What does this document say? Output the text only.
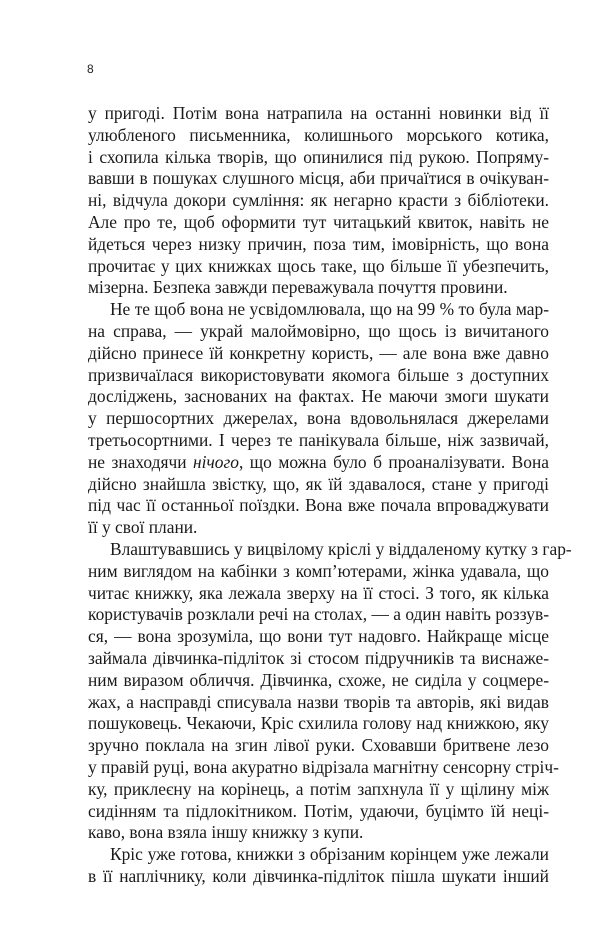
8
у пригоді. Потім вона натрапила на останні новинки від її
улюбленого письменника, колишнього морського котика,
і схопила кілька творів, що опинилися під рукою. Попряму-
вавши в пошуках слушного місця, аби причаїтися в очікуван-
ні, відчула докори сумління: як негарно красти з бібліотеки.
Але про те, щоб оформити тут читацький квиток, навіть не
йдеться через низку причин, поза тим, імовірність, що вона
прочитає у цих книжках щось таке, що більше її убезпечить,
мізерна. Безпека завжди переважувала почуття провини.
Не те щоб вона не усвідомлювала, що на 99 % то була мар-
на справа, — украй малоймовірно, що щось із вичитаного
дійсно принесе їй конкретну користь, — але вона вже давно
призвичаїлася використовувати якомога більше з доступних
досліджень, заснованих на фактах. Не маючи змоги шукати
у першосортних джерелах, вона вдовольнялася джерелами
третьосортними. І через те панікувала більше, ніж зазвичай,
не знаходячи нічого, що можна було б проаналізувати. Вона
дійсно знайшла звістку, що, як їй здавалося, стане у пригоді
під час її останньої поїздки. Вона вже почала впроваджувати
її у свої плани.
Влаштувавшись у вицвілому кріслі у віддаленому кутку з гар-
ним виглядом на кабінки з комп’ютерами, жінка удавала, що
читає книжку, яка лежала зверху на її стосі. З того, як кілька
користувачів розклали речі на столах, — а один навіть роззув-
ся, — вона зрозуміла, що вони тут надовго. Найкраще місце
займала дівчинка-підліток зі стосом підручників та виснаже-
ним виразом обличчя. Дівчинка, схоже, не сиділа у соцмере-
жах, а насправді списувала назви творів та авторів, які видав
пошуковець. Чекаючи, Кріс схилила голову над книжкою, яку
зручно поклала на згин лівої руки. Сховавши бритвене лезо
у правій руці, вона акуратно відрізала магнітну сенсорну стріч-
ку, приклеєну на корінець, а потім запхнула її у щілину між
сидінням та підлокітником. Потім, удаючи, буцімто їй неці-
каво, вона взяла іншу книжку з купи.
Кріс уже готова, книжки з обрізаним корінцем уже лежали
в її наплічнику, коли дівчинка-підліток пішла шукати інший
